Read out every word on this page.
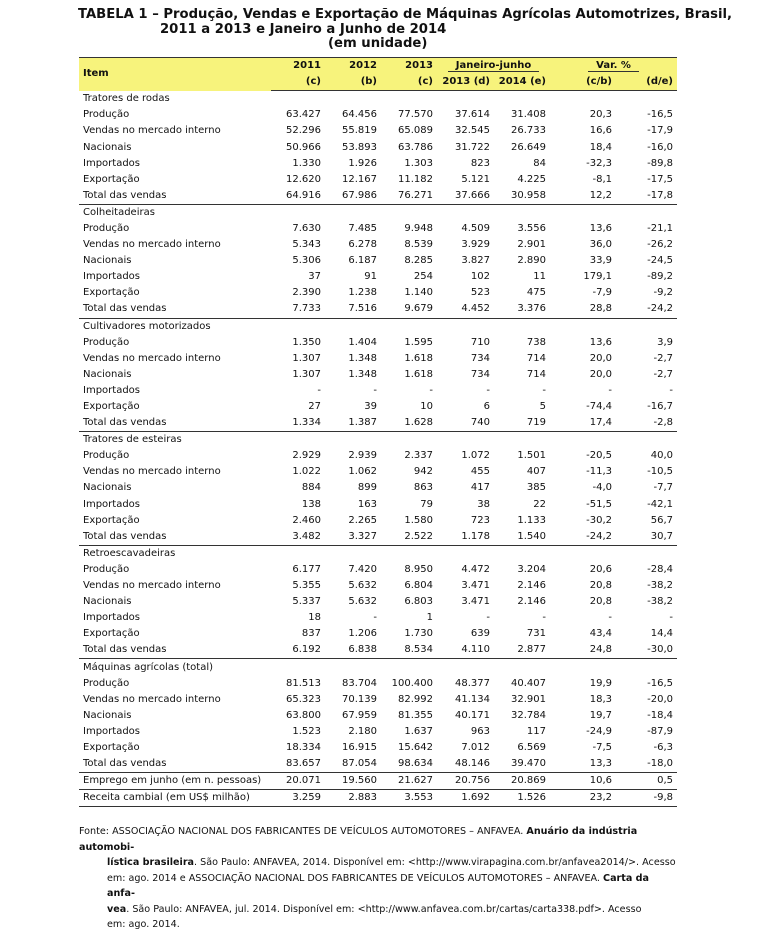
TABELA 1 – Produção, Vendas e Exportação de Máquinas Agrícolas Automotrizes, Brasil,
2011 a 2013 e Janeiro a Junho de 2014
(em unidade)
Item	2011	2012	2013	Janeiro-junho		Var. %	
	(c)	(b)	(c)	2013 (d)	2014 (e)	(c/b)	(d/e)
Tratores de rodas							
Produção	63.427	64.456	77.570	37.614	31.408	20,3	-16,5
Vendas no mercado interno	52.296	55.819	65.089	32.545	26.733	16,6	-17,9
Nacionais	50.966	53.893	63.786	31.722	26.649	18,4	-16,0
Importados	1.330	1.926	1.303	823	84	-32,3	-89,8
Exportação	12.620	12.167	11.182	5.121	4.225	-8,1	-17,5
Total das vendas	64.916	67.986	76.271	37.666	30.958	12,2	-17,8
Colheitadeiras							
Produção	7.630	7.485	9.948	4.509	3.556	13,6	-21,1
Vendas no mercado interno	5.343	6.278	8.539	3.929	2.901	36,0	-26,2
Nacionais	5.306	6.187	8.285	3.827	2.890	33,9	-24,5
Importados	37	91	254	102	11	179,1	-89,2
Exportação	2.390	1.238	1.140	523	475	-7,9	-9,2
Total das vendas	7.733	7.516	9.679	4.452	3.376	28,8	-24,2
Cultivadores motorizados							
Produção	1.350	1.404	1.595	710	738	13,6	3,9
Vendas no mercado interno	1.307	1.348	1.618	734	714	20,0	-2,7
Nacionais	1.307	1.348	1.618	734	714	20,0	-2,7
Importados	-	-	-	-	-	-	-
Exportação	27	39	10	6	5	-74,4	-16,7
Total das vendas	1.334	1.387	1.628	740	719	17,4	-2,8
Tratores de esteiras							
Produção	2.929	2.939	2.337	1.072	1.501	-20,5	40,0
Vendas no mercado interno	1.022	1.062	942	455	407	-11,3	-10,5
Nacionais	884	899	863	417	385	-4,0	-7,7
Importados	138	163	79	38	22	-51,5	-42,1
Exportação	2.460	2.265	1.580	723	1.133	-30,2	56,7
Total das vendas	3.482	3.327	2.522	1.178	1.540	-24,2	30,7
Retroescavadeiras							
Produção	6.177	7.420	8.950	4.472	3.204	20,6	-28,4
Vendas no mercado interno	5.355	5.632	6.804	3.471	2.146	20,8	-38,2
Nacionais	5.337	5.632	6.803	3.471	2.146	20,8	-38,2
Importados	18	-	1	-	-	-	-
Exportação	837	1.206	1.730	639	731	43,4	14,4
Total das vendas	6.192	6.838	8.534	4.110	2.877	24,8	-30,0
Máquinas agrícolas (total)							
Produção	81.513	83.704	100.400	48.377	40.407	19,9	-16,5
Vendas no mercado interno	65.323	70.139	82.992	41.134	32.901	18,3	-20,0
Nacionais	63.800	67.959	81.355	40.171	32.784	19,7	-18,4
Importados	1.523	2.180	1.637	963	117	-24,9	-87,9
Exportação	18.334	16.915	15.642	7.012	6.569	-7,5	-6,3
Total das vendas	83.657	87.054	98.634	48.146	39.470	13,3	-18,0
Emprego em junho (em n. pessoas)	20.071	19.560	21.627	20.756	20.869	10,6	0,5
Receita cambial (em US$ milhão)	3.259	2.883	3.553	1.692	1.526	23,2	-9,8
Fonte: ASSOCIAÇÃO NACIONAL DOS FABRICANTES DE VEÍCULOS AUTOMOTORES – ANFAVEA. Anuário da indústria automobi-
lística brasileira. São Paulo: ANFAVEA, 2014. Disponível em: <http://www.virapagina.com.br/anfavea2014/>. Acesso
em: ago. 2014 e ASSOCIAÇÃO NACIONAL DOS FABRICANTES DE VEÍCULOS AUTOMOTORES – ANFAVEA. Carta da anfa-
vea. São Paulo: ANFAVEA, jul. 2014. Disponível em: <http://www.anfavea.com.br/cartas/carta338.pdf>. Acesso
em: ago. 2014.
